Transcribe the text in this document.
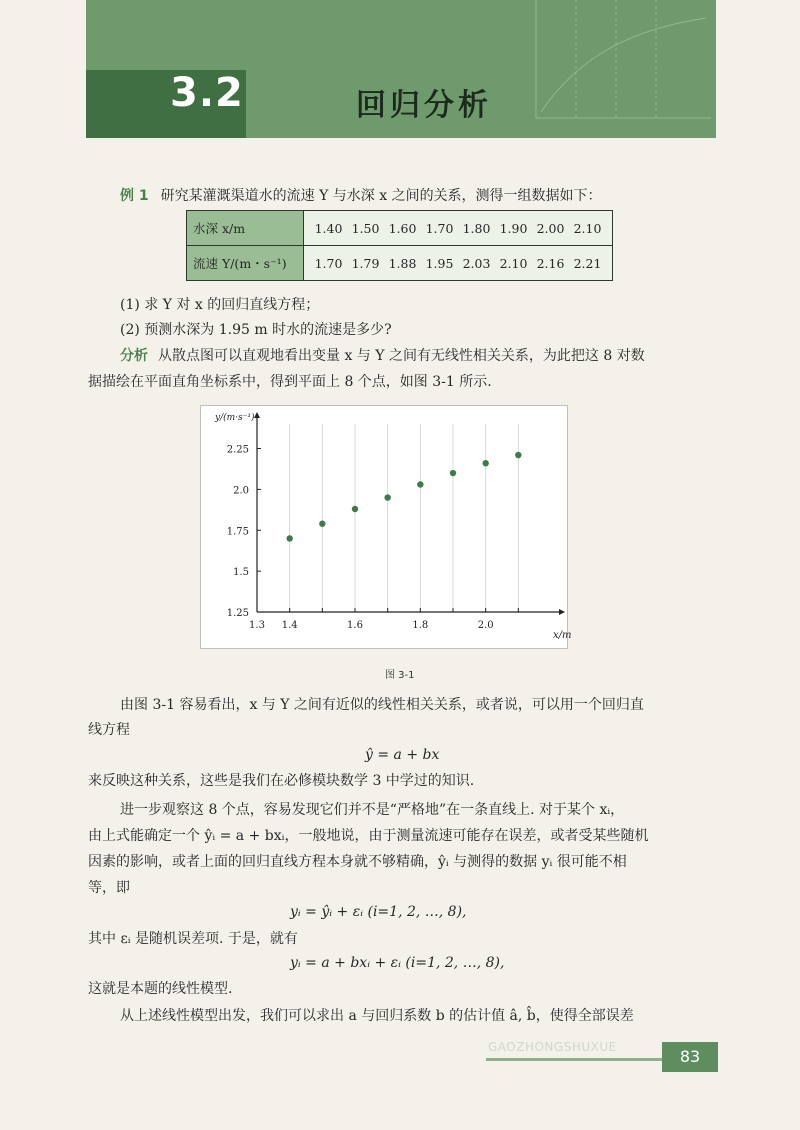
3.2	回归分析
例 1 研究某灌溉渠道水的流速 Y 与水深 x 之间的关系，测得一组数据如下：
水深 x/m	1.40 1.50 1.60 1.70 1.80 1.90 2.00 2.10
流速 Y/(m・s⁻¹)	1.70 1.79 1.88 1.95 2.03 2.10 2.16 2.21
(1) 求 Y 对 x 的回归直线方程；
(2) 预测水深为 1.95 m 时水的流速是多少?
分析 从散点图可以直观地看出变量 x 与 Y 之间有无线性相关关系，为此把这 8 对数
据描绘在平面直角坐标系中，得到平面上 8 个点，如图 3-1 所示.
1.3 1.4	1.6	1.8	2.0
1.25
1.5
1.75
2.0
2.25
x/m
y/(m·s⁻¹)
图 3-1
由图 3-1 容易看出，x 与 Y 之间有近似的线性相关关系，或者说，可以用一个回归直
线方程
ŷ = a + bx
来反映这种关系，这些是我们在必修模块数学 3 中学过的知识.
进一步观察这 8 个点，容易发现它们并不是“严格地”在一条直线上. 对于某个 xᵢ，
由上式能确定一个 ŷᵢ = a + bxᵢ，一般地说，由于测量流速可能存在误差，或者受某些随机
因素的影响，或者上面的回归直线方程本身就不够精确，ŷᵢ 与测得的数据 yᵢ 很可能不相
等，即
yᵢ = ŷᵢ + εᵢ (i=1, 2, …, 8),
其中 εᵢ 是随机误差项. 于是，就有
yᵢ = a + bxᵢ + εᵢ (i=1, 2, …, 8),
这就是本题的线性模型.
从上述线性模型出发，我们可以求出 a 与回归系数 b 的估计值 â, b̂，使得全部误差
GAOZHONGSHUXUE	83
